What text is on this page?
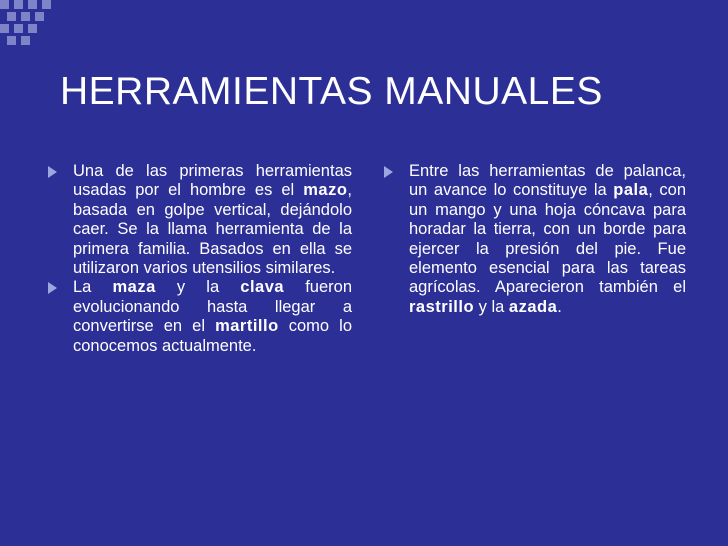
HERRAMIENTAS MANUALES
Una de las primeras herramientas usadas por el hombre es el mazo, basada en golpe vertical, dejándolo caer. Se la llama herramienta de la primera familia. Basados en ella se utilizaron varios utensilios similares.
La maza y la clava fueron evolucionando hasta llegar a convertirse en el martillo como lo conocemos actualmente.
Entre las herramientas de palanca, un avance lo constituye la pala, con un mango y una hoja cóncava para horadar la tierra, con un borde para ejercer la presión del pie. Fue elemento esencial para las tareas agrícolas. Aparecieron también el rastrillo y la azada.
